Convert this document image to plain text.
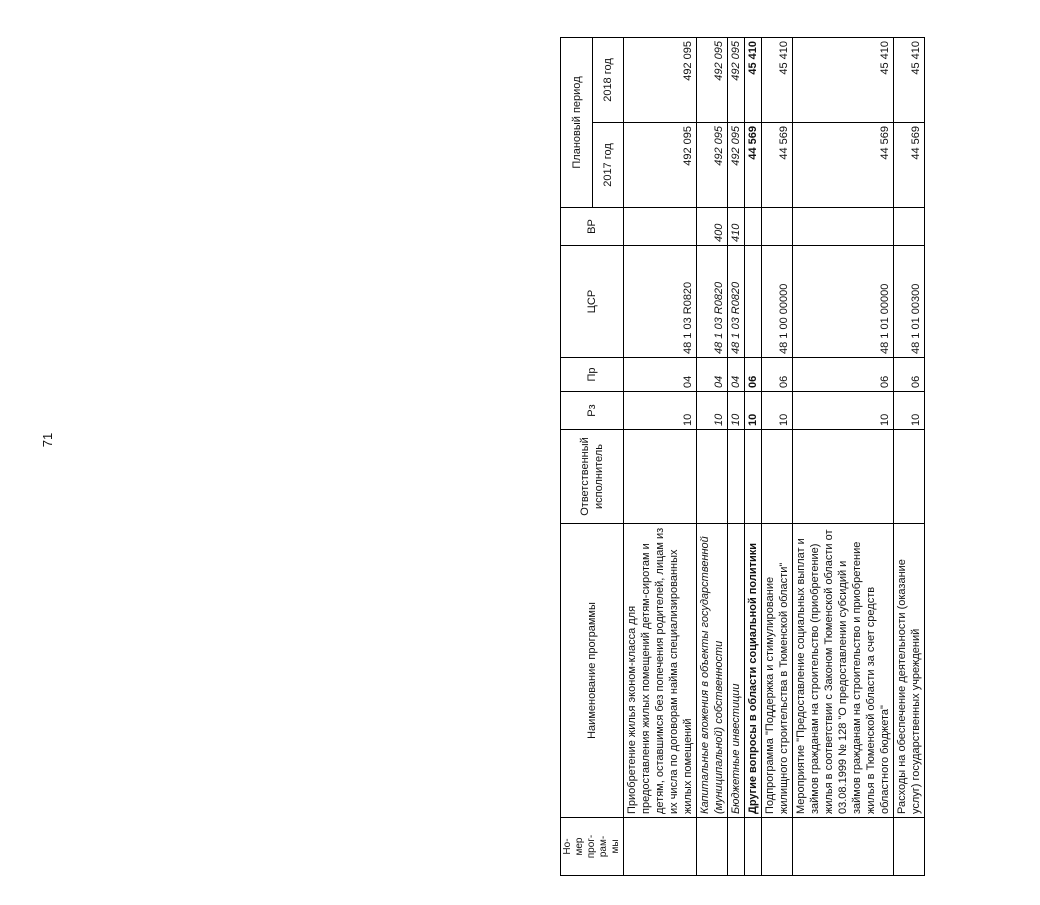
71
Но-
мер
прог-
рам-
мы	Наименование программы	Ответственный исполнитель	Рз	Пр	ЦСР	ВР	Плановый период	
							2017 год	2018 год
	Приобретение жилья эконом-класса для предоставления жилых помещений детям-сиротам и детям, оставшимся без попечения родителей, лицам из их числа по договорам найма специализированных жилых помещений		10	04	48 1 03 R0820		492 095	492 095
	Капитальные вложения в объекты государственной (муниципальной) собственности		10	04	48 1 03 R0820	400	492 095	492 095
	Бюджетные инвестиции		10	04	48 1 03 R0820	410	492 095	492 095
	Другие вопросы в области социальной политики		10	06			44 569	45 410
	Подпрограмма "Поддержка и стимулирование жилищного строительства в Тюменской области"		10	06	48 1 00 00000		44 569	45 410
	Мероприятие "Предоставление социальных выплат и займов гражданам на строительство (приобретение) жилья в соответствии с Законом Тюменской области от 03.08.1999 № 128 "О предоставлении субсидий и займов гражданам на строительство и приобретение жилья в Тюменской области за счет средств областного бюджета"		10	06	48 1 01 00000		44 569	45 410
	Расходы на обеспечение деятельности (оказание услуг) государственных учреждений		10	06	48 1 01 00300		44 569	45 410
